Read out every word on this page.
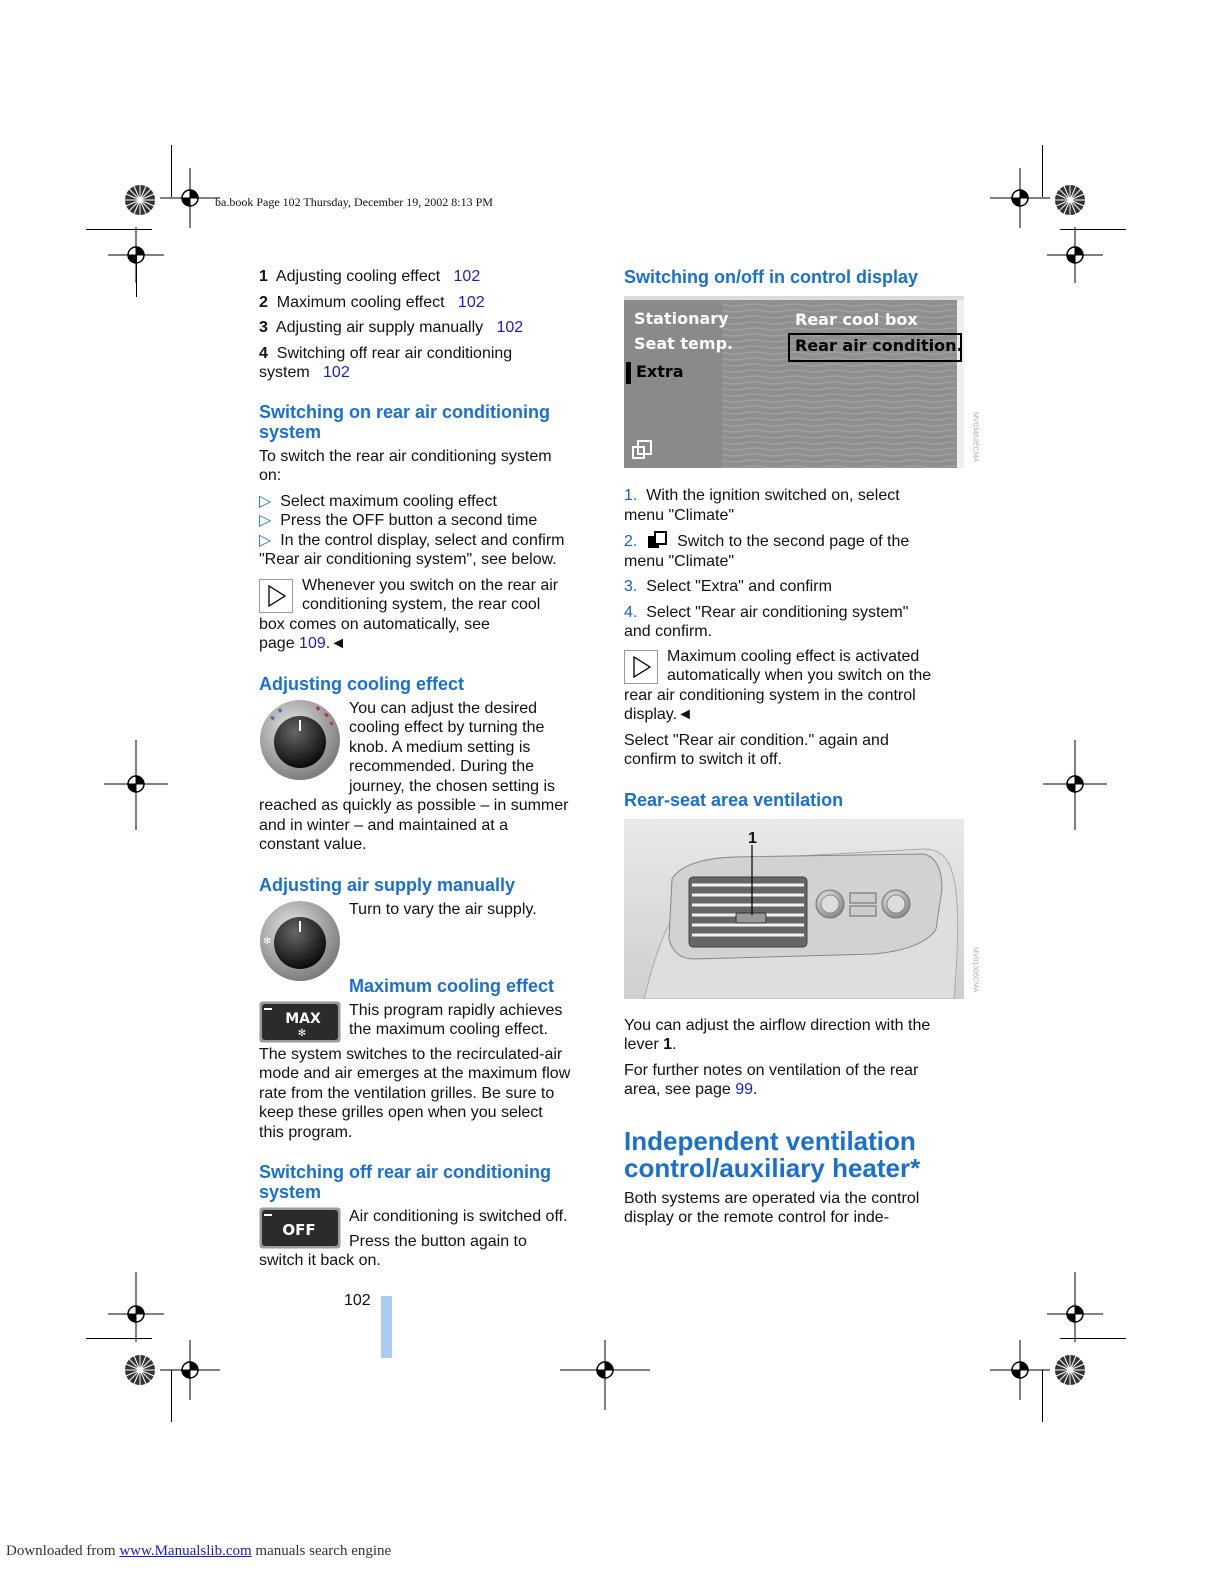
ba.book Page 102 Thursday, December 19, 2002 8:13 PM

1 Adjusting cooling effect 102

2 Maximum cooling effect 102

3 Adjusting air supply manually 102

4 Switching off rear air conditioning
system 102

Switching on rear air conditioning
system

To switch the rear air conditioning system
on:

▷ Select maximum cooling effect

▷ Press the OFF button a second time

▷ In the control display, select and confirm

"Rear air conditioning system", see below.

Whenever you switch on the rear air

conditioning system, the rear cool

box comes on automatically, see

page 109.◄

Adjusting cooling effect

You can adjust the desired

cooling effect by turning the

knob. A medium setting is

recommended. During the

journey, the chosen setting is

reached as quickly as possible – in summer

and in winter – and maintained at a

constant value.

Adjusting air supply manually
✻

Turn to vary the air supply.

Maximum cooling effect
MAX
✻

This program rapidly achieves

the maximum cooling effect.

The system switches to the recirculated-air

mode and air emerges at the maximum flow

rate from the ventilation grilles. Be sure to

keep these grilles open when you select

this program.

Switching off rear air conditioning
system
OFF

Air conditioning is switched off.

Press the button again to

switch it back on.

Switching on/off in control display
Stationary
Seat temp.
Extra
Rear cool box
Rear air condition.
MV03462ECMA

1. With the ignition switched on, select
menu "Climate"

2. Switch to the second page of the
menu "Climate"

3. Select "Extra" and confirm

4. Select "Rear air conditioning system"
and confirm.

Maximum cooling effect is activated

automatically when you switch on the

rear air conditioning system in the control

display.◄

Select "Rear air condition." again and
confirm to switch it off.

Rear-seat area ventilation
1
MV01305CMA

You can adjust the airflow direction with the
lever 1.

For further notes on ventilation of the rear
area, see page 99.

Independent ventilation
control/auxiliary heater*

Both systems are operated via the control
display or the remote control for inde-

102
Downloaded from www.Manualslib.com manuals search engine
